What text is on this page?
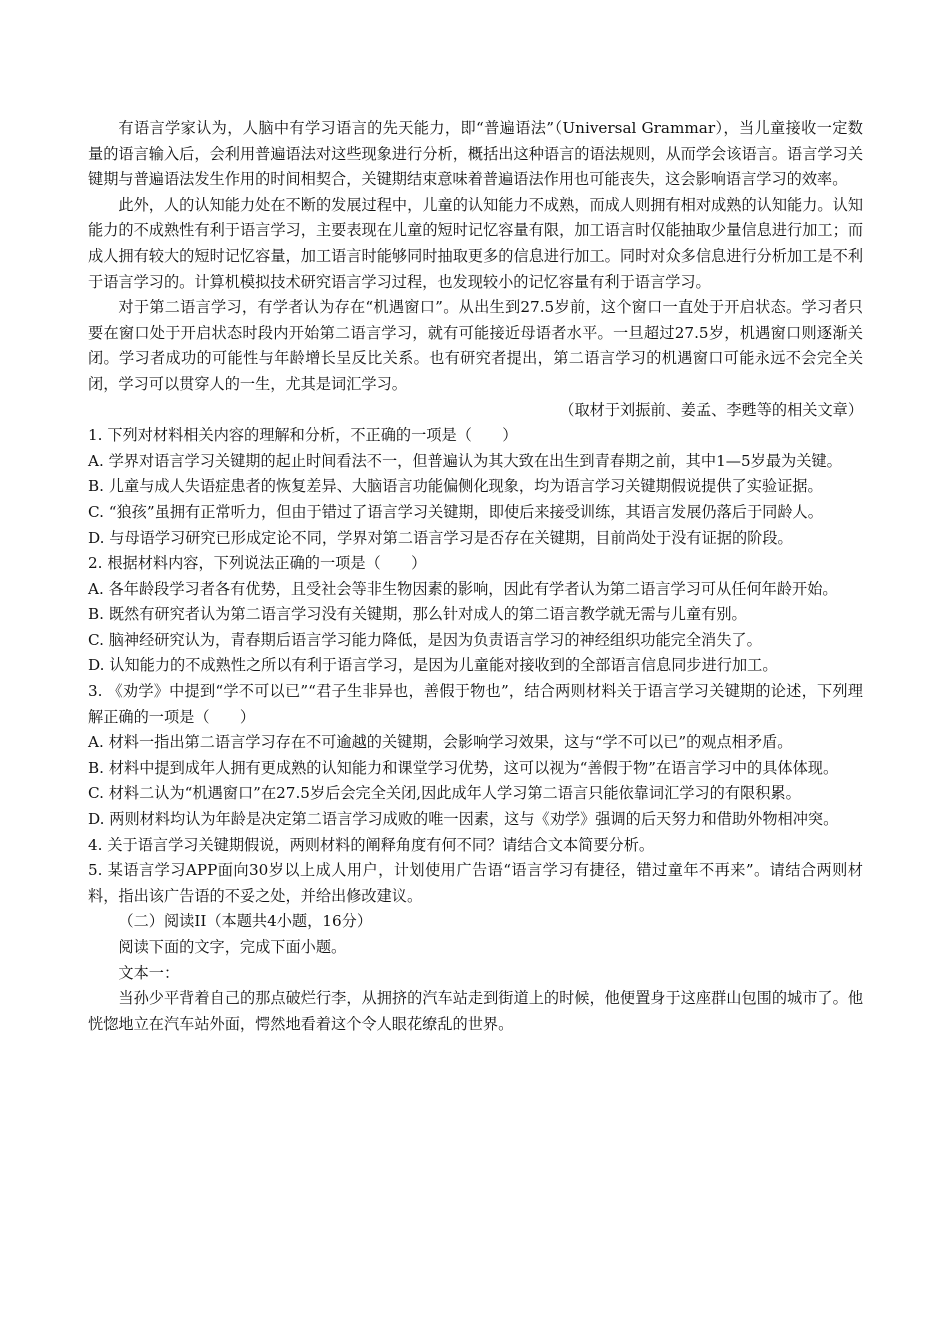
有语言学家认为，人脑中有学习语言的先天能力，即“普遍语法”（Universal Grammar），当儿童接收一定数量的语言输入后，会利用普遍语法对这些现象进行分析，概括出这种语言的语法规则，从而学会该语言。语言学习关键期与普遍语法发生作用的时间相契合，关键期结束意味着普遍语法作用也可能丧失，这会影响语言学习的效率。

此外，人的认知能力处在不断的发展过程中，儿童的认知能力不成熟，而成人则拥有相对成熟的认知能力。认知能力的不成熟性有利于语言学习，主要表现在儿童的短时记忆容量有限，加工语言时仅能抽取少量信息进行加工；而成人拥有较大的短时记忆容量，加工语言时能够同时抽取更多的信息进行加工。同时对众多信息进行分析加工是不利于语言学习的。计算机模拟技术研究语言学习过程，也发现较小的记忆容量有利于语言学习。

对于第二语言学习，有学者认为存在“机遇窗口”。从出生到27.5岁前，这个窗口一直处于开启状态。学习者只要在窗口处于开启状态时段内开始第二语言学习，就有可能接近母语者水平。一旦超过27.5岁，机遇窗口则逐渐关闭。学习者成功的可能性与年龄增长呈反比关系。也有研究者提出，第二语言学习的机遇窗口可能永远不会完全关闭，学习可以贯穿人的一生，尤其是词汇学习。

（取材于刘振前、姜孟、李甦等的相关文章）

1. 下列对材料相关内容的理解和分析，不正确的一项是（　　）

A. 学界对语言学习关键期的起止时间看法不一，但普遍认为其大致在出生到青春期之前，其中1—5岁最为关键。

B. 儿童与成人失语症患者的恢复差异、大脑语言功能偏侧化现象，均为语言学习关键期假说提供了实验证据。

C. “狼孩”虽拥有正常听力，但由于错过了语言学习关键期，即使后来接受训练，其语言发展仍落后于同龄人。

D. 与母语学习研究已形成定论不同，学界对第二语言学习是否存在关键期，目前尚处于没有证据的阶段。

2. 根据材料内容，下列说法正确的一项是（　　）

A. 各年龄段学习者各有优势，且受社会等非生物因素的影响，因此有学者认为第二语言学习可从任何年龄开始。

B. 既然有研究者认为第二语言学习没有关键期，那么针对成人的第二语言教学就无需与儿童有别。

C. 脑神经研究认为，青春期后语言学习能力降低，是因为负责语言学习的神经组织功能完全消失了。

D. 认知能力的不成熟性之所以有利于语言学习，是因为儿童能对接收到的全部语言信息同步进行加工。

3. 《劝学》中提到“学不可以已”“君子生非异也，善假于物也”，结合两则材料关于语言学习关键期的论述，下列理解正确的一项是（　　）

A. 材料一指出第二语言学习存在不可逾越的关键期，会影响学习效果，这与“学不可以已”的观点相矛盾。

B. 材料中提到成年人拥有更成熟的认知能力和课堂学习优势，这可以视为“善假于物”在语言学习中的具体体现。

C. 材料二认为“机遇窗口”在27.5岁后会完全关闭,因此成年人学习第二语言只能依靠词汇学习的有限积累。

D. 两则材料均认为年龄是决定第二语言学习成败的唯一因素，这与《劝学》强调的后天努力和借助外物相冲突。

4. 关于语言学习关键期假说，两则材料的阐释角度有何不同？请结合文本简要分析。

5. 某语言学习APP面向30岁以上成人用户，计划使用广告语“语言学习有捷径，错过童年不再来”。请结合两则材料，指出该广告语的不妥之处，并给出修改建议。

（二）阅读II（本题共4小题，16分）

阅读下面的文字，完成下面小题。

文本一：

当孙少平背着自己的那点破烂行李，从拥挤的汽车站走到街道上的时候，他便置身于这座群山包围的城市了。他恍惚地立在汽车站外面，愕然地看着这个令人眼花缭乱的世界。
